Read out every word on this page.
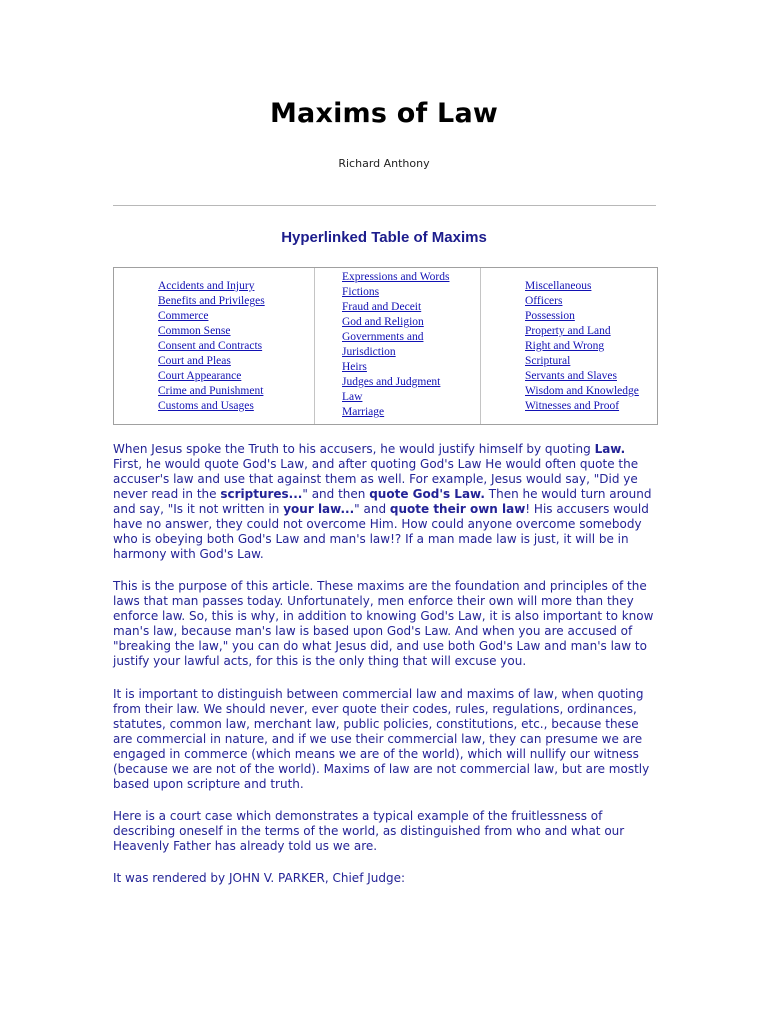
Maxims of Law
Richard Anthony
Hyperlinked Table of Maxims
Accidents and Injury
Benefits and Privileges
Commerce
Common Sense
Consent and Contracts
Court and Pleas
Court Appearance
Crime and Punishment
Customs and Usages
Expressions and Words
Fictions
Fraud and Deceit
God and Religion
Governments and
Jurisdiction
Heirs
Judges and Judgment
Law
Marriage
Miscellaneous
Officers
Possession
Property and Land
Right and Wrong
Scriptural
Servants and Slaves
Wisdom and Knowledge
Witnesses and Proof

When Jesus spoke the Truth to his accusers, he would justify himself by quoting Law. First, he would quote God's Law, and after quoting God's Law He would often quote the accuser's law and use that against them as well. For example, Jesus would say, "Did ye never read in the scriptures..." and then quote God's Law. Then he would turn around and say, "Is it not written in your law..." and quote their own law! His accusers would have no answer, they could not overcome Him. How could anyone overcome somebody who is obeying both God's Law and man's law!? If a man made law is just, it will be in harmony with God's Law.

This is the purpose of this article. These maxims are the foundation and principles of the laws that man passes today. Unfortunately, men enforce their own will more than they enforce law. So, this is why, in addition to knowing God's Law, it is also important to know man's law, because man's law is based upon God's Law. And when you are accused of "breaking the law," you can do what Jesus did, and use both God's Law and man's law to justify your lawful acts, for this is the only thing that will excuse you.

It is important to distinguish between commercial law and maxims of law, when quoting from their law. We should never, ever quote their codes, rules, regulations, ordinances, statutes, common law, merchant law, public policies, constitutions, etc., because these are commercial in nature, and if we use their commercial law, they can presume we are engaged in commerce (which means we are of the world), which will nullify our witness (because we are not of the world). Maxims of law are not commercial law, but are mostly based upon scripture and truth.

Here is a court case which demonstrates a typical example of the fruitlessness of describing oneself in the terms of the world, as distinguished from who and what our Heavenly Father has already told us we are.

It was rendered by JOHN V. PARKER, Chief Judge:
